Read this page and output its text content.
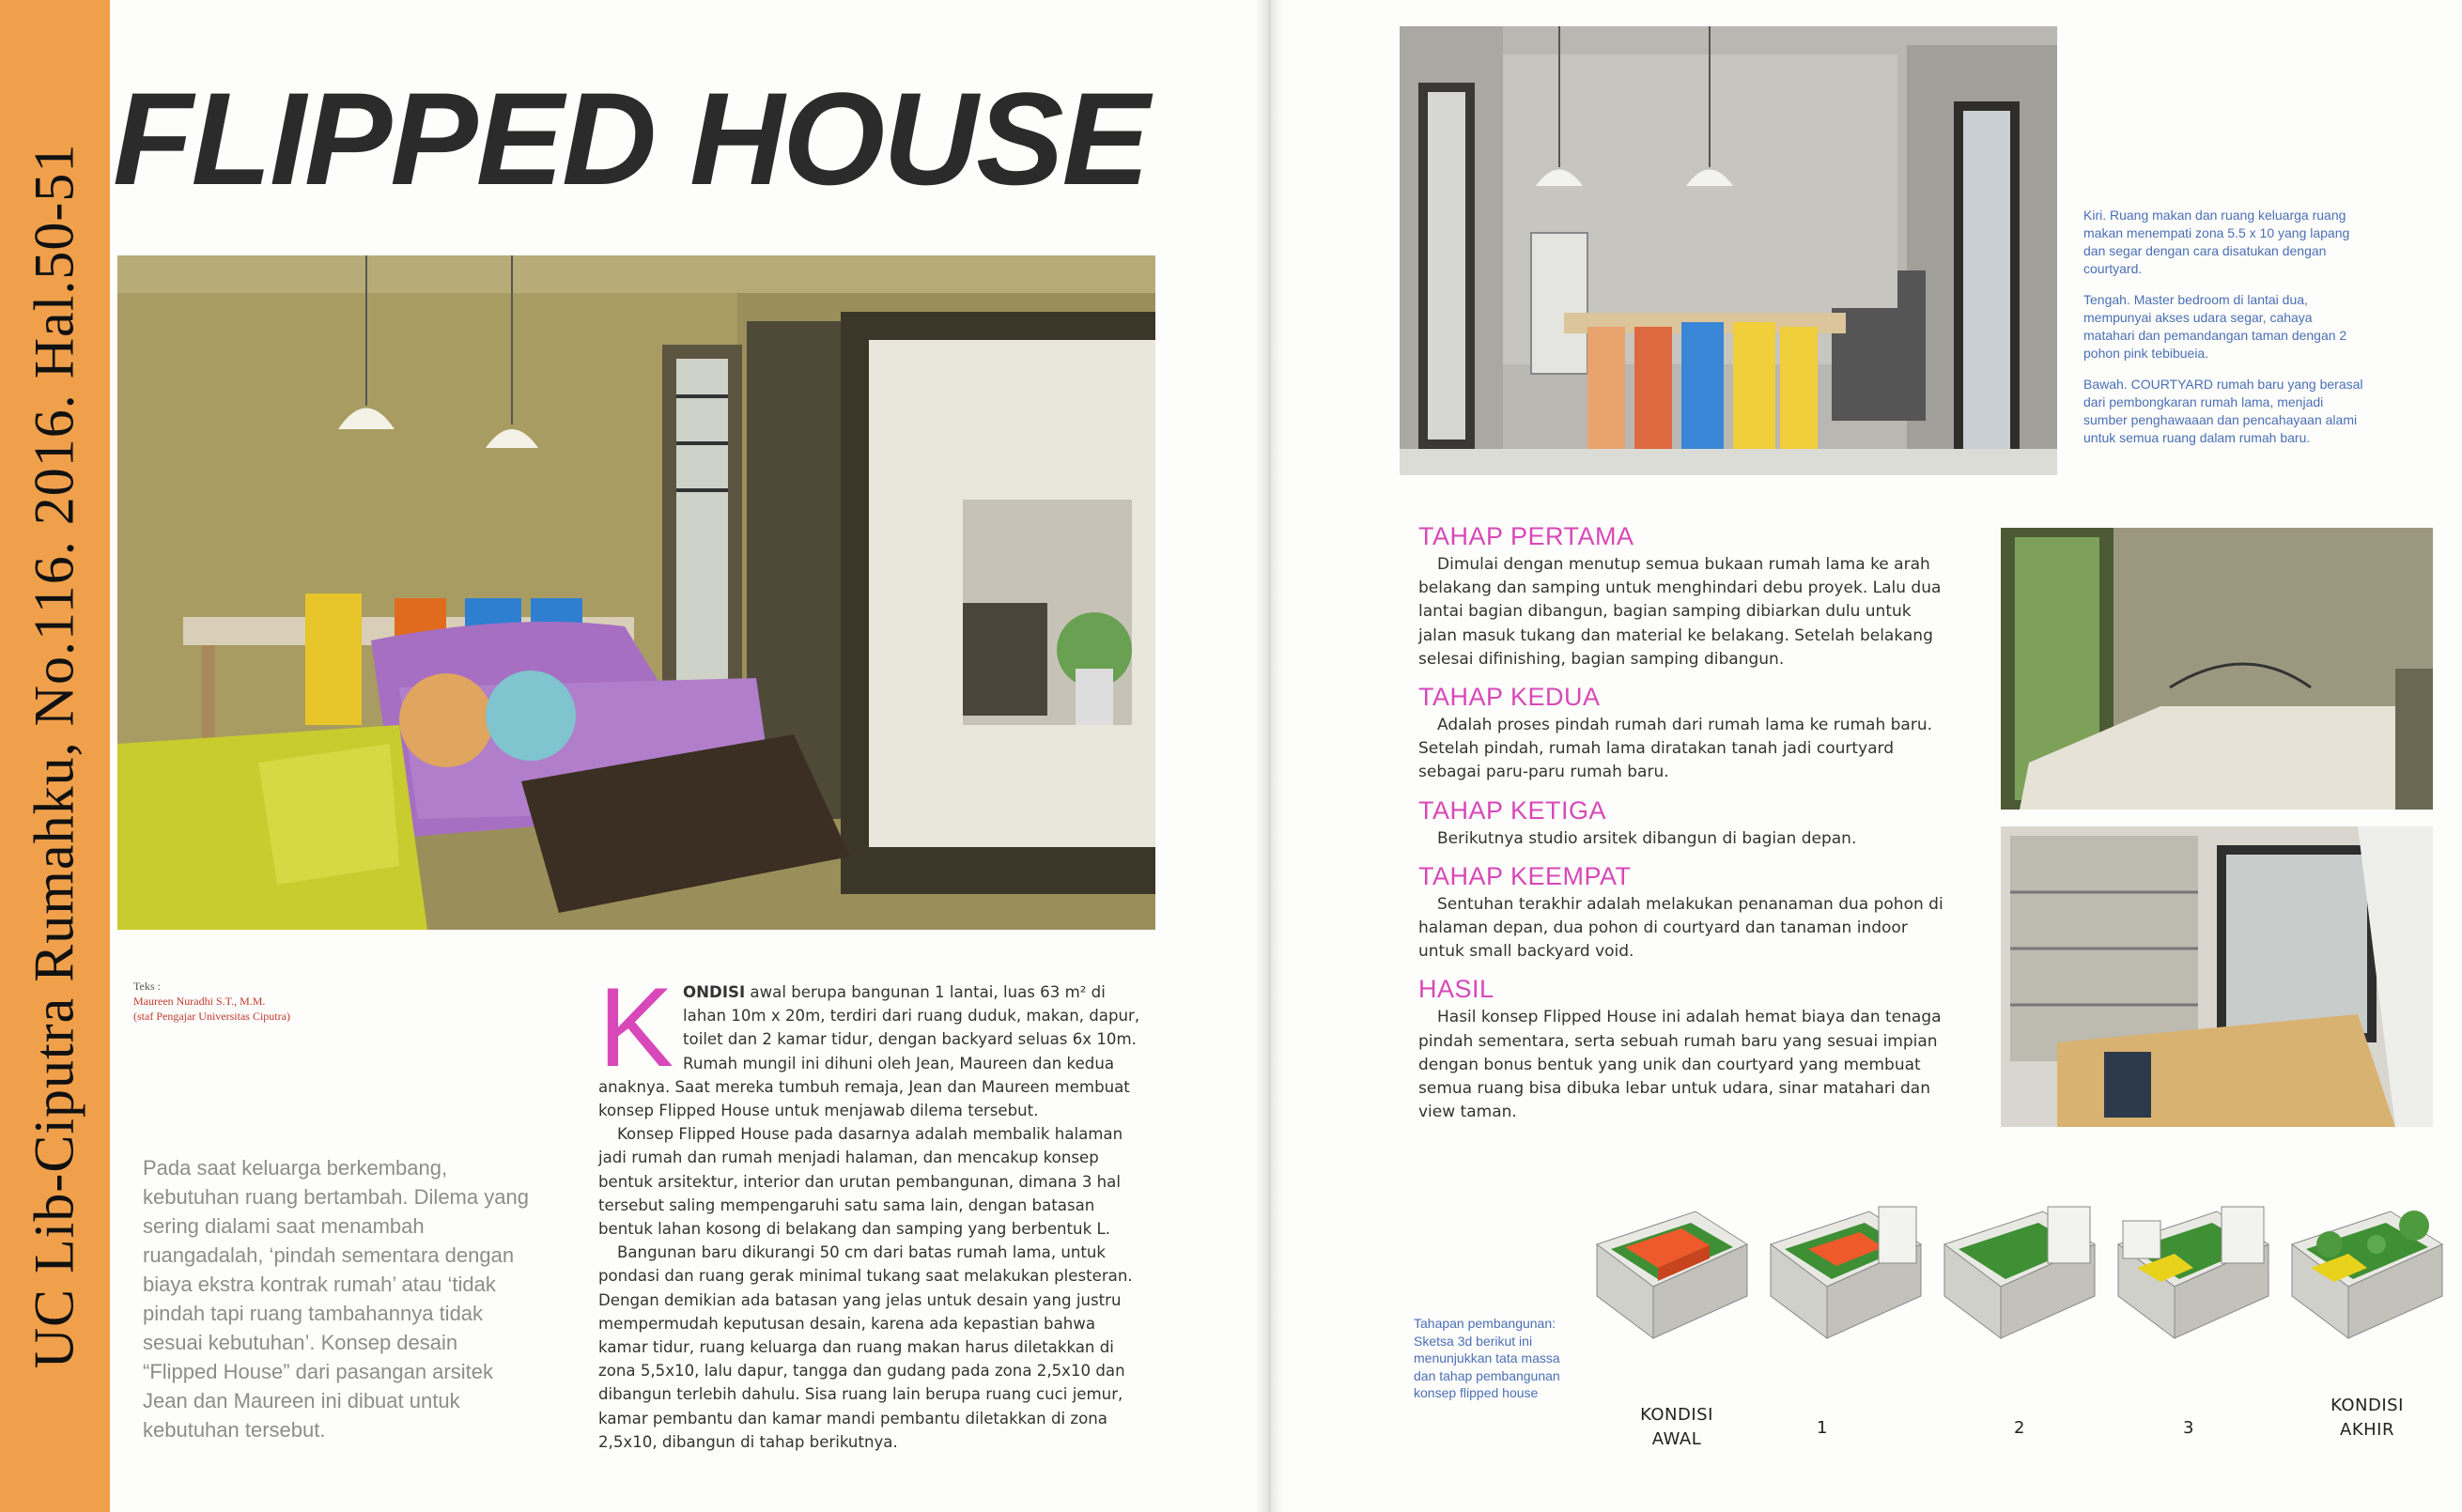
UC Lib-Ciputra Rumahku, No.116. 2016. Hal.50-51
FLIPPED HOUSE
Teks :
Maureen Nuradhi S.T., M.M.
(staf Pengajar Universitas Ciputra)
Pada saat keluarga berkembang, kebutuhan ruang bertambah. Dilema yang sering dialami saat menambah ruangadalah, ‘pindah sementara dengan biaya ekstra kontrak rumah’ atau ‘tidak pindah tapi ruang tambahannya tidak sesuai kebutuhan’. Konsep desain “Flipped House” dari pasangan arsitek Jean dan Maureen ini dibuat untuk kebutuhan tersebut.

K ONDISI awal berupa bangunan 1 lantai, luas 63 m² di lahan 10m x 20m, terdiri dari ruang duduk, makan, dapur, toilet dan 2 kamar tidur, dengan backyard seluas 6x 10m. Rumah mungil ini dihuni oleh Jean, Maureen dan kedua anaknya. Saat mereka tumbuh remaja, Jean dan Maureen membuat konsep Flipped House untuk menjawab dilema tersebut.

Konsep Flipped House pada dasarnya adalah membalik halaman jadi rumah dan rumah menjadi halaman, dan mencakup konsep bentuk arsitektur, interior dan urutan pembangunan, dimana 3 hal tersebut saling mempengaruhi satu sama lain, dengan batasan bentuk lahan kosong di belakang dan samping yang berbentuk L.

Bangunan baru dikurangi 50 cm dari batas rumah lama, untuk pondasi dan ruang gerak minimal tukang saat melakukan plesteran. Dengan demikian ada batasan yang jelas untuk desain yang justru mempermudah keputusan desain, karena ada kepastian bahwa kamar tidur, ruang keluarga dan ruang makan harus diletakkan di zona 5,5x10, lalu dapur, tangga dan gudang pada zona 2,5x10 dan dibangun terlebih dahulu. Sisa ruang lain berupa ruang cuci jemur, kamar pembantu dan kamar mandi pembantu diletakkan di zona 2,5x10, dibangun di tahap berikutnya.

Kiri. Ruang makan dan ruang keluarga ruang makan menempati zona 5.5 x 10 yang lapang dan segar dengan cara disatukan dengan courtyard.

Tengah. Master bedroom di lantai dua, mempunyai akses udara segar, cahaya matahari dan pemandangan taman dengan 2 pohon pink tebibueia.

Bawah. COURTYARD rumah baru yang berasal dari pembongkaran rumah lama, menjadi sumber penghawaaan dan pencahayaan alami untuk semua ruang dalam rumah baru.

TAHAP PERTAMA
Dimulai dengan menutup semua bukaan rumah lama ke arah belakang dan samping untuk menghindari debu proyek. Lalu dua lantai bagian dibangun, bagian samping dibiarkan dulu untuk jalan masuk tukang dan material ke belakang. Setelah belakang selesai difinishing, bagian samping dibangun.
TAHAP KEDUA
Adalah proses pindah rumah dari rumah lama ke rumah baru. Setelah pindah, rumah lama diratakan tanah jadi courtyard sebagai paru-paru rumah baru.
TAHAP KETIGA
Berikutnya studio arsitek dibangun di bagian depan.
TAHAP KEEMPAT
Sentuhan terakhir adalah melakukan penanaman dua pohon di halaman depan, dua pohon di courtyard dan tanaman indoor untuk small backyard void.
HASIL
Hasil konsep Flipped House ini adalah hemat biaya dan tenaga pindah sementara, serta sebuah rumah baru yang sesuai impian dengan bonus bentuk yang unik dan courtyard yang membuat semua ruang bisa dibuka lebar untuk udara, sinar matahari dan view taman.
Tahapan pembangunan: Sketsa 3d berikut ini menunjukkan tata massa dan tahap pembangunan konsep flipped house
KONDISI
AWAL
1	2	3
KONDISI
AKHIR
